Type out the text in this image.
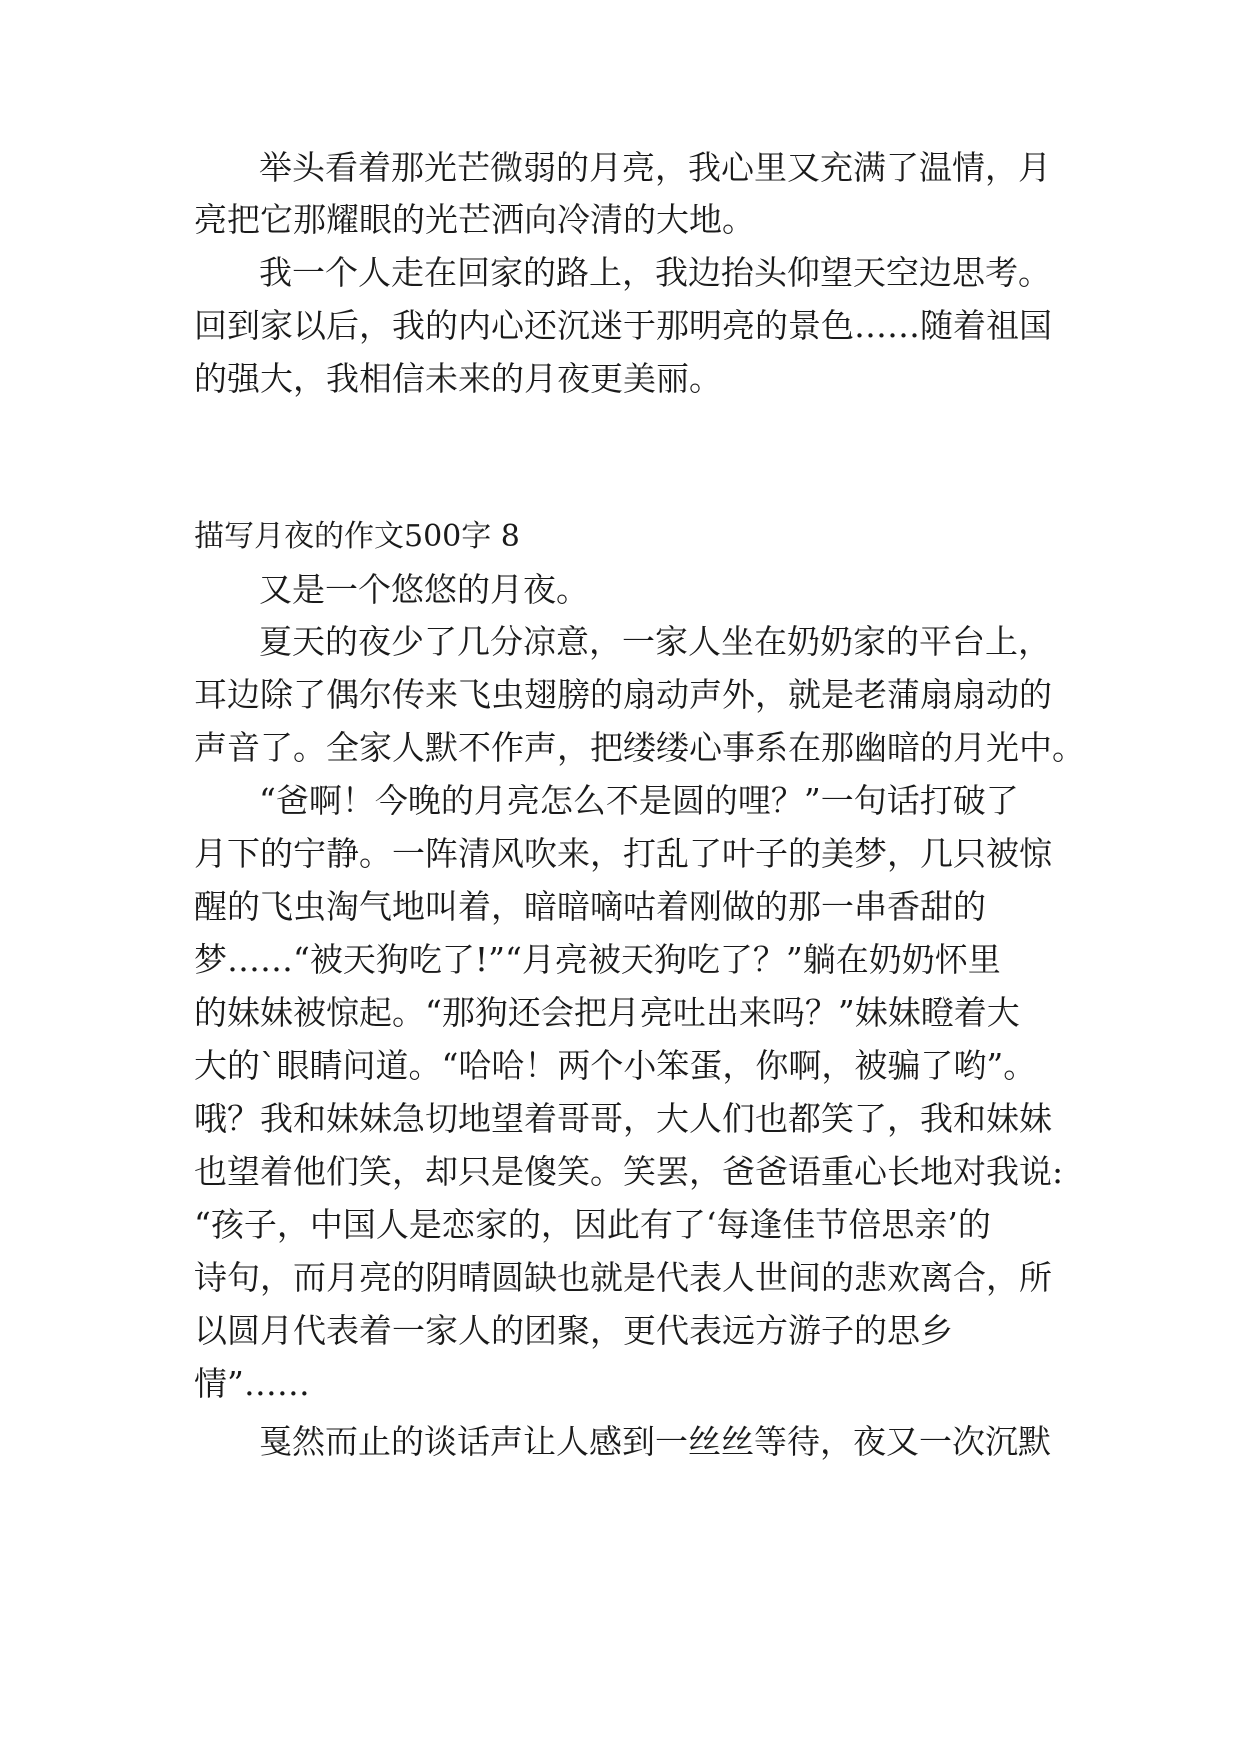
举头看着那光芒微弱的月亮，我心里又充满了温情，月
亮把它那耀眼的光芒洒向冷清的大地。
我一个人走在回家的路上，我边抬头仰望天空边思考。
回到家以后，我的内心还沉迷于那明亮的景色……随着祖国
的强大，我相信未来的月夜更美丽。
描写月夜的作文500字 8
又是一个悠悠的月夜。
夏天的夜少了几分凉意，一家人坐在奶奶家的平台上，
耳边除了偶尔传来飞虫翅膀的扇动声外，就是老蒲扇扇动的
声音了。全家人默不作声，把缕缕心事系在那幽暗的月光中。
“爸啊！今晚的月亮怎么不是圆的哩？”一句话打破了
月下的宁静。一阵清风吹来，打乱了叶子的美梦，几只被惊
醒的飞虫淘气地叫着，暗暗嘀咕着刚做的那一串香甜的
梦……“被天狗吃了!”“月亮被天狗吃了？”躺在奶奶怀里
的妹妹被惊起。“那狗还会把月亮吐出来吗？”妹妹瞪着大
大的`眼睛问道。“哈哈！两个小笨蛋，你啊，被骗了哟”。
哦？我和妹妹急切地望着哥哥，大人们也都笑了，我和妹妹
也望着他们笑，却只是傻笑。笑罢，爸爸语重心长地对我说:
“孩子，中国人是恋家的，因此有了‘每逢佳节倍思亲’的
诗句，而月亮的阴晴圆缺也就是代表人世间的悲欢离合，所
以圆月代表着一家人的团聚，更代表远方游子的思乡
情”……
戛然而止的谈话声让人感到一丝丝等待，夜又一次沉默
